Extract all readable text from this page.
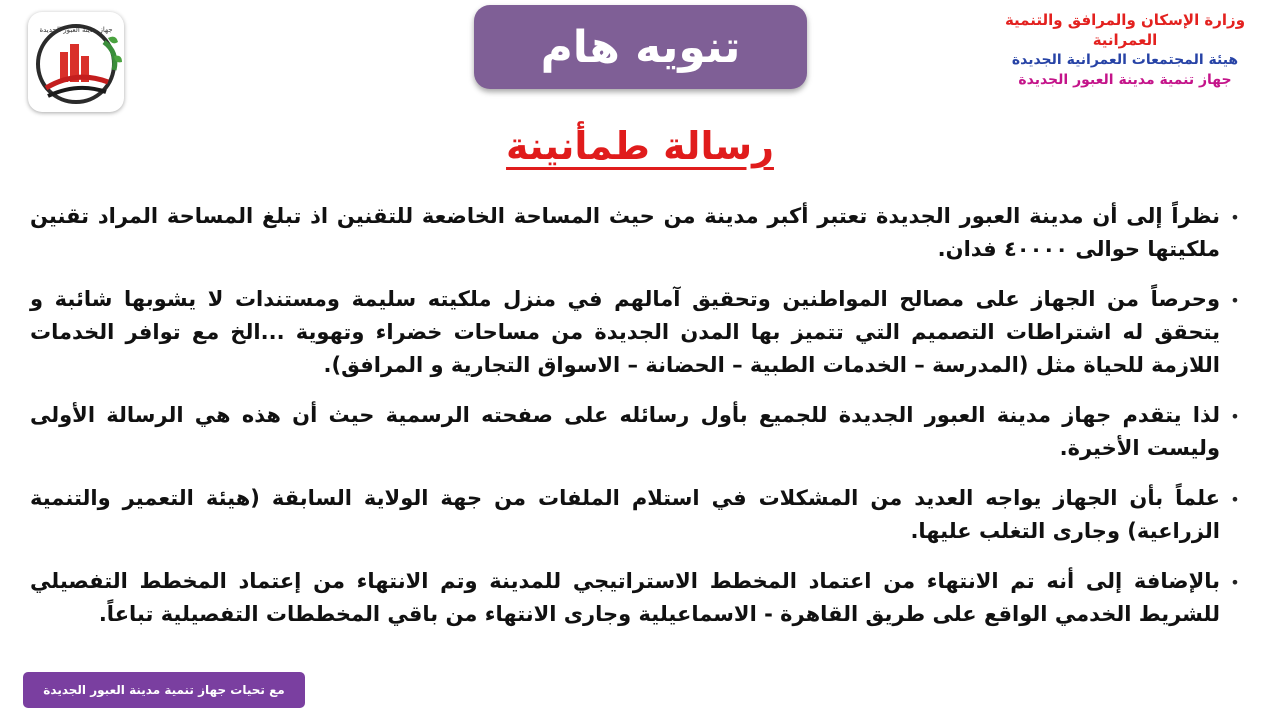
جهاز مدينة العبور الجديدة	تنويه هام
وزارة الإسكان والمرافق والتنمية العمرانية
هيئة المجتمعات العمرانية الجديدة
جهاز تنمية مدينة العبور الجديدة
رسالة طمأنينة
•
نظراً إلى أن مدينة العبور الجديدة تعتبر أكبر مدينة من حيث المساحة الخاضعة للتقنين اذ تبلغ المساحة المراد تقنين ملكيتها حوالى ٤٠٠٠٠ فدان.
•
وحرصاً من الجهاز على مصالح المواطنين وتحقيق آمالهم في منزل ملكيته سليمة ومستندات لا يشوبها شائبة و يتحقق له اشتراطات التصميم التي تتميز بها المدن الجديدة من مساحات خضراء وتهوية ...الخ مع توافر الخدمات اللازمة للحياة مثل (المدرسة – الخدمات الطبية – الحضانة – الاسواق التجارية و المرافق).
•
لذا يتقدم جهاز مدينة العبور الجديدة للجميع بأول رسائله على صفحته الرسمية حيث أن هذه هي الرسالة الأولى وليست الأخيرة.
•
علماً بأن الجهاز يواجه العديد من المشكلات في استلام الملفات من جهة الولاية السابقة (هيئة التعمير والتنمية الزراعية) وجارى التغلب عليها.
•
بالإضافة إلى أنه تم الانتهاء من اعتماد المخطط الاستراتيجي للمدينة وتم الانتهاء من إعتماد المخطط التفصيلي للشريط الخدمي الواقع على طريق القاهرة - الاسماعيلية وجارى الانتهاء من باقي المخططات التفصيلية تباعاً.
مع تحيات جهاز تنمية مدينة العبور الجديدة
